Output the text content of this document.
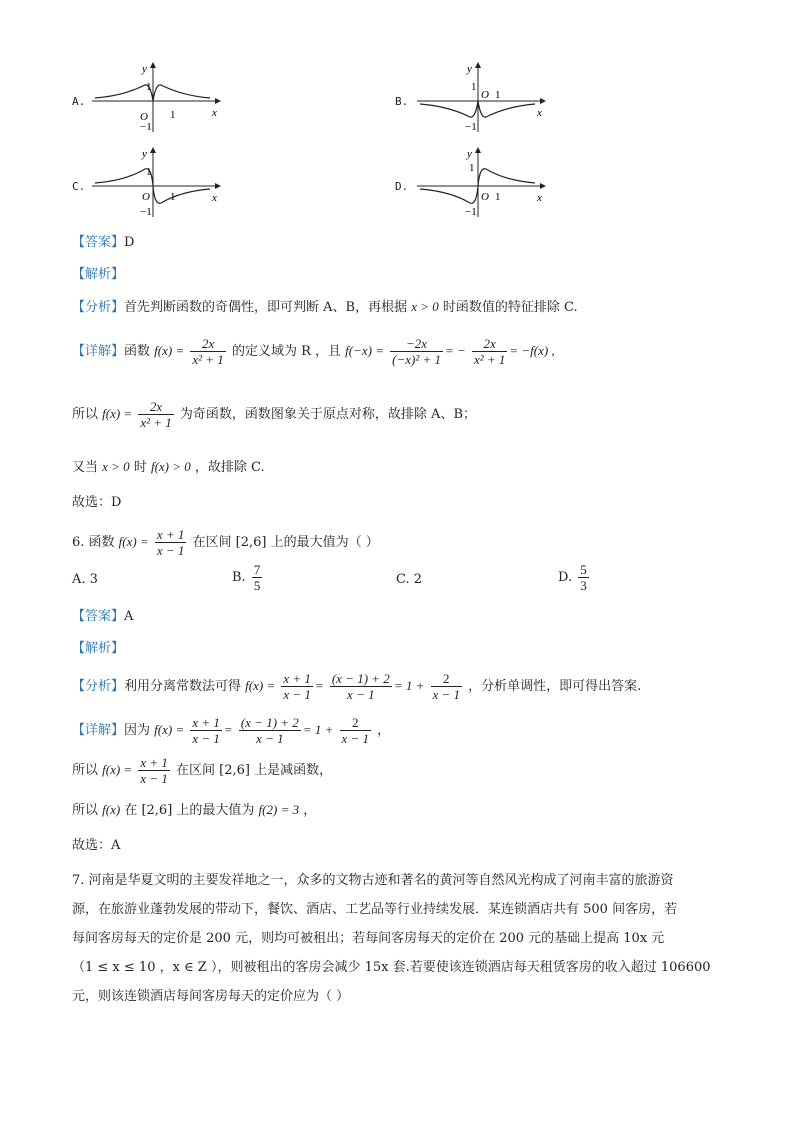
A.
y
x
1
O 1
−1
B.
y
x
1
O 1
−1
C.
y
x
1
O 1
−1
D.
y
x
1
O 1
−1
【答案】D
【解析】
【分析】首先判断函数的奇偶性，即可判断 A、B，再根据 x > 0 时函数值的特征排除 C.
【详解】函数 $f(x) = \frac{2x}{\text{x² + 1}}$ 的定义域为 R ，且 $f(-x) = \frac{-2x}{\text{(−x)² + 1}}$ = − $\frac{2x}{\text{x² + 1}} = -f(x)$ ,
所以 $f(x) = \frac{2x}{\text{x² + 1}}$ 为奇函数，函数图象关于原点对称，故排除 A、B；
又当 x > 0 时 f(x) > 0 ，故排除 C.
故选：D
6. 函数 $f(x) = \frac{x + 1}{x - 1}$ 在区间 [2,6] 上的最大值为（ ）
A. 3	B. $\frac{7}{5}$	C. 2	D. $\frac{5}{3}$
【答案】A
【解析】
【分析】利用分离常数法可得 $f(x) = \frac{x + 1}{x - 1} = \frac{(x - 1) + 2}{x - 1} = 1 + \frac{2}{x - 1}$ ，分析单调性，即可得出答案.
【详解】因为 $f(x) = \frac{x + 1}{x - 1} = \frac{(x - 1) + 2}{x - 1} = 1 + \frac{2}{x - 1}$ ，
所以 $f(x) = \frac{x + 1}{x - 1}$ 在区间 [2,6] 上是减函数，
所以 f(x) 在 [2,6] 上的最大值为 f(2) = 3 ，
故选：A
7. 河南是华夏文明的主要发祥地之一，众多的文物古迹和著名的黄河等自然风光构成了河南丰富的旅游资
源，在旅游业蓬勃发展的带动下，餐饮、酒店、工艺品等行业持续发展．某连锁酒店共有 500 间客房，若
每间客房每天的定价是 200 元，则均可被租出；若每间客房每天的定价在 200 元的基础上提高 10x 元
（1 ≤ x ≤ 10 ，x ∈ Z ），则被租出的客房会减少 15x 套.若要使该连锁酒店每天租赁客房的收入超过 106600
元，则该连锁酒店每间客房每天的定价应为（ ）
